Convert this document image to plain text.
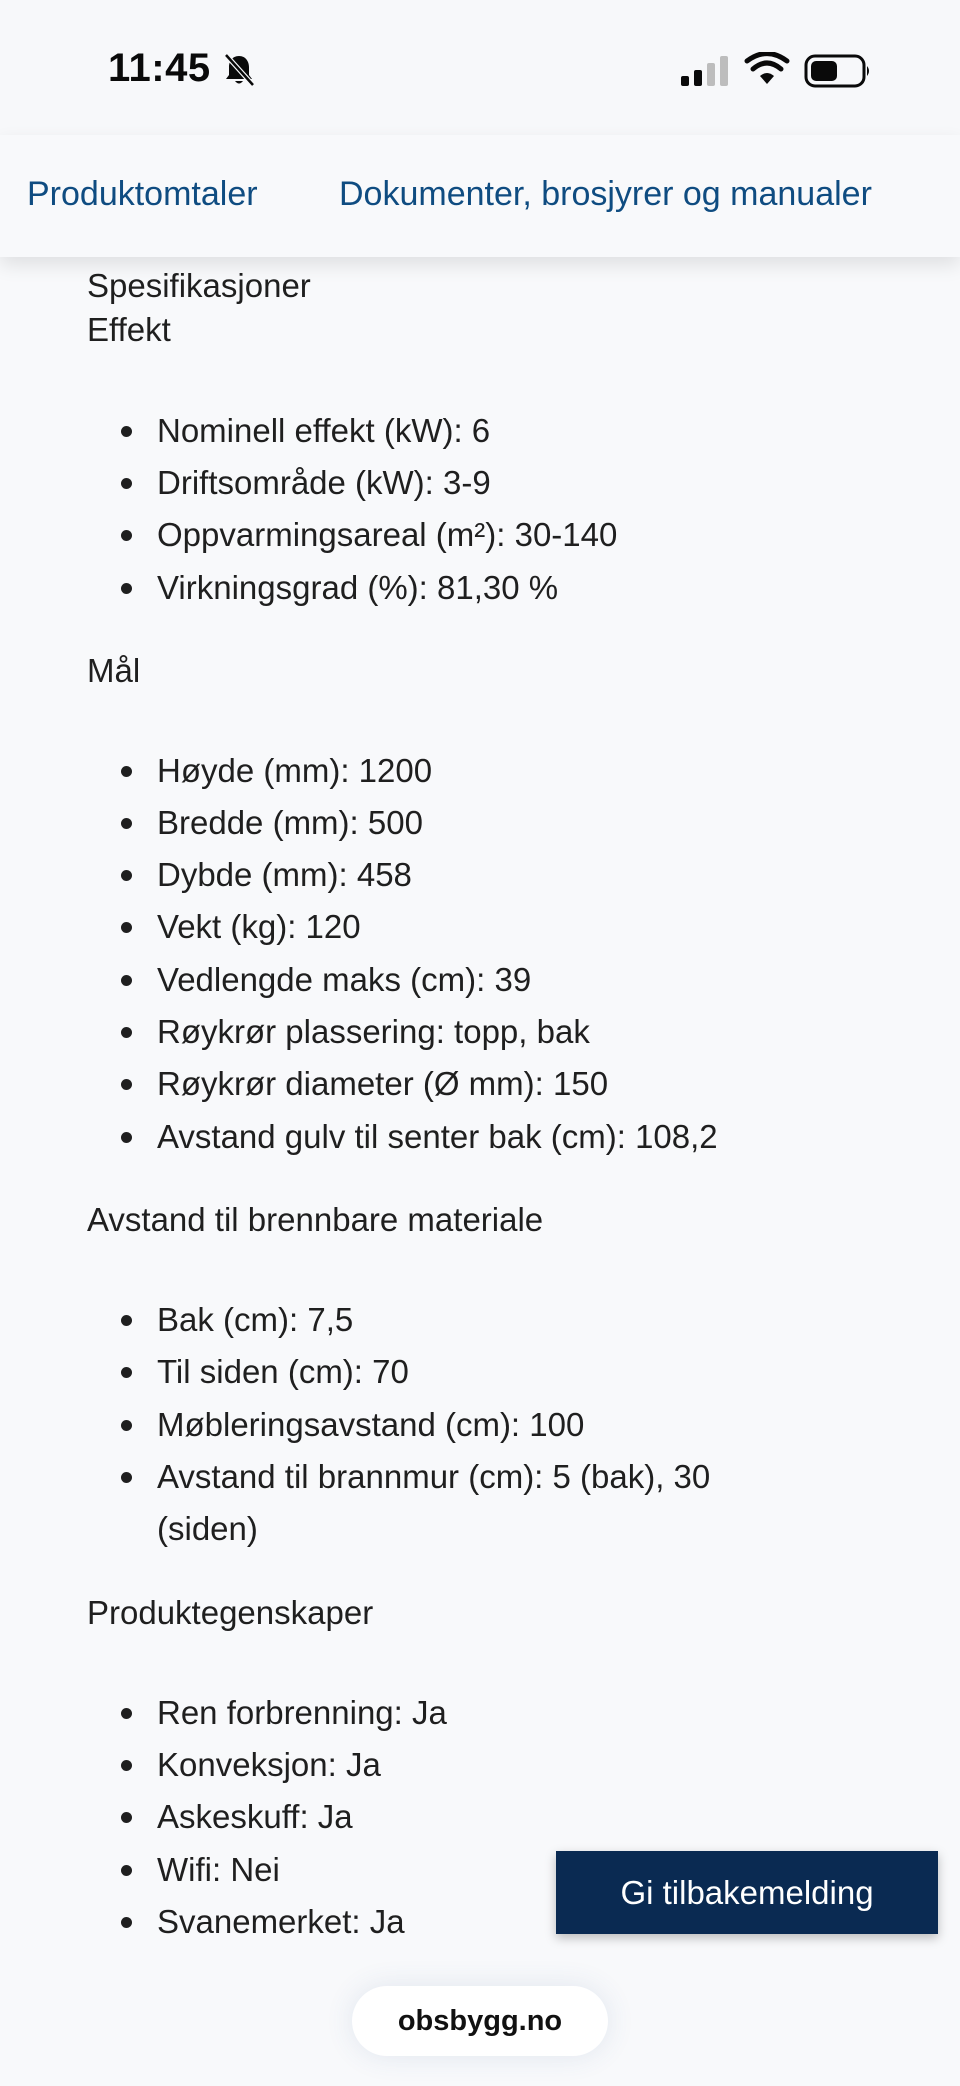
11:45
Produktomtaler Dokumenter, brosjyrer og manualer
Spesifikasjoner
Effekt
Nominell effekt (kW): 6
Driftsområde (kW): 3-9
Oppvarmingsareal (m²): 30-140
Virkningsgrad (%): 81,30 %
Mål
Høyde (mm): 1200
Bredde (mm): 500
Dybde (mm): 458
Vekt (kg): 120
Vedlengde maks (cm): 39
Røykrør plassering: topp, bak
Røykrør diameter (Ø mm): 150
Avstand gulv til senter bak (cm): 108,2
Avstand til brennbare materiale
Bak (cm): 7,5
Til siden (cm): 70
Møbleringsavstand (cm): 100
Avstand til brannmur (cm): 5 (bak), 30 (siden)
Produktegenskaper
Ren forbrenning: Ja
Konveksjon: Ja
Askeskuff: Ja
Wifi: Nei
Svanemerket: Ja
Gi tilbakemelding
obsbygg.no
